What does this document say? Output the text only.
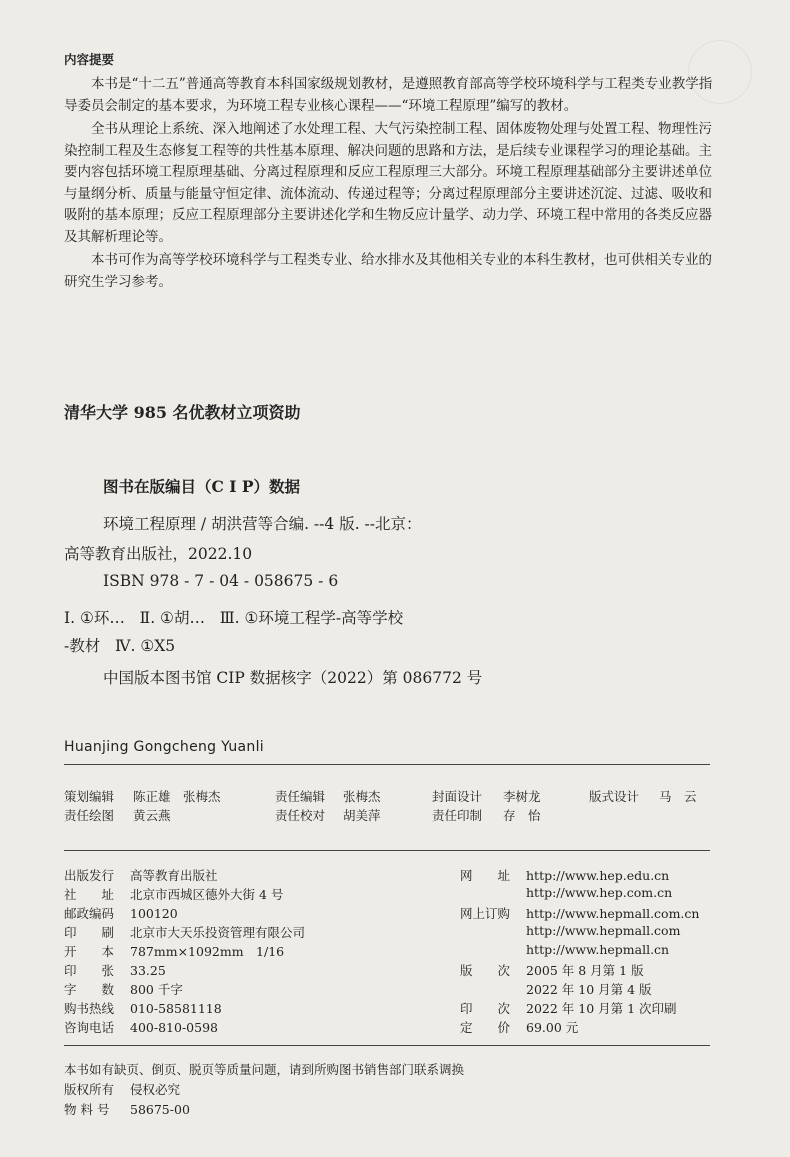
内容提要

本书是“十二五”普通高等教育本科国家级规划教材，是遵照教育部高等学校环境科学与工程类专业教学指导委员会制定的基本要求，为环境工程专业核心课程——“环境工程原理”编写的教材。

全书从理论上系统、深入地阐述了水处理工程、大气污染控制工程、固体废物处理与处置工程、物理性污染控制工程及生态修复工程等的共性基本原理、解决问题的思路和方法，是后续专业课程学习的理论基础。主要内容包括环境工程原理基础、分离过程原理和反应工程原理三大部分。环境工程原理基础部分主要讲述单位与量纲分析、质量与能量守恒定律、流体流动、传递过程等；分离过程原理部分主要讲述沉淀、过滤、吸收和吸附的基本原理；反应工程原理部分主要讲述化学和生物反应计量学、动力学、环境工程中常用的各类反应器及其解析理论等。

本书可作为高等学校环境科学与工程类专业、给水排水及其他相关专业的本科生教材，也可供相关专业的研究生学习参考。

清华大学 985 名优教材立项资助
图书在版编目（C I P）数据
环境工程原理 / 胡洪营等合编. --4 版. --北京：
高等教育出版社，2022.10
ISBN 978 - 7 - 04 - 058675 - 6
Ⅰ. ①环…   Ⅱ. ①胡…   Ⅲ. ①环境工程学-高等学校
-教材   Ⅳ. ①X5
中国版本图书馆 CIP 数据核字（2022）第 086772 号
Huanjing Gongcheng Yuanli
策划编辑 陈正雄　张梅杰	责任编辑 张梅杰	封面设计 李树龙	版式设计 马　云
责任绘图 黄云燕	责任校对 胡美萍	责任印制 存　怡
出版发行 高等教育出版社
社　　址 北京市西城区德外大街 4 号
邮政编码 100120
印　　刷 北京市大天乐投资管理有限公司
开　　本 787mm×1092mm　1/16
印　　张 33.25
字　　数 800 千字
购书热线 010-58581118
咨询电话 400-810-0598
网　　址 http://www.hep.edu.cn
http://www.hep.com.cn
网上订购 http://www.hepmall.com.cn
http://www.hepmall.com
http://www.hepmall.cn
版　　次 2005 年 8 月第 1 版
2022 年 10 月第 4 版
印　　次 2022 年 10 月第 1 次印刷
定　　价 69.00 元
本书如有缺页、倒页、脱页等质量问题，请到所购图书销售部门联系调换
版权所有 侵权必究
物 料 号 58675-00
